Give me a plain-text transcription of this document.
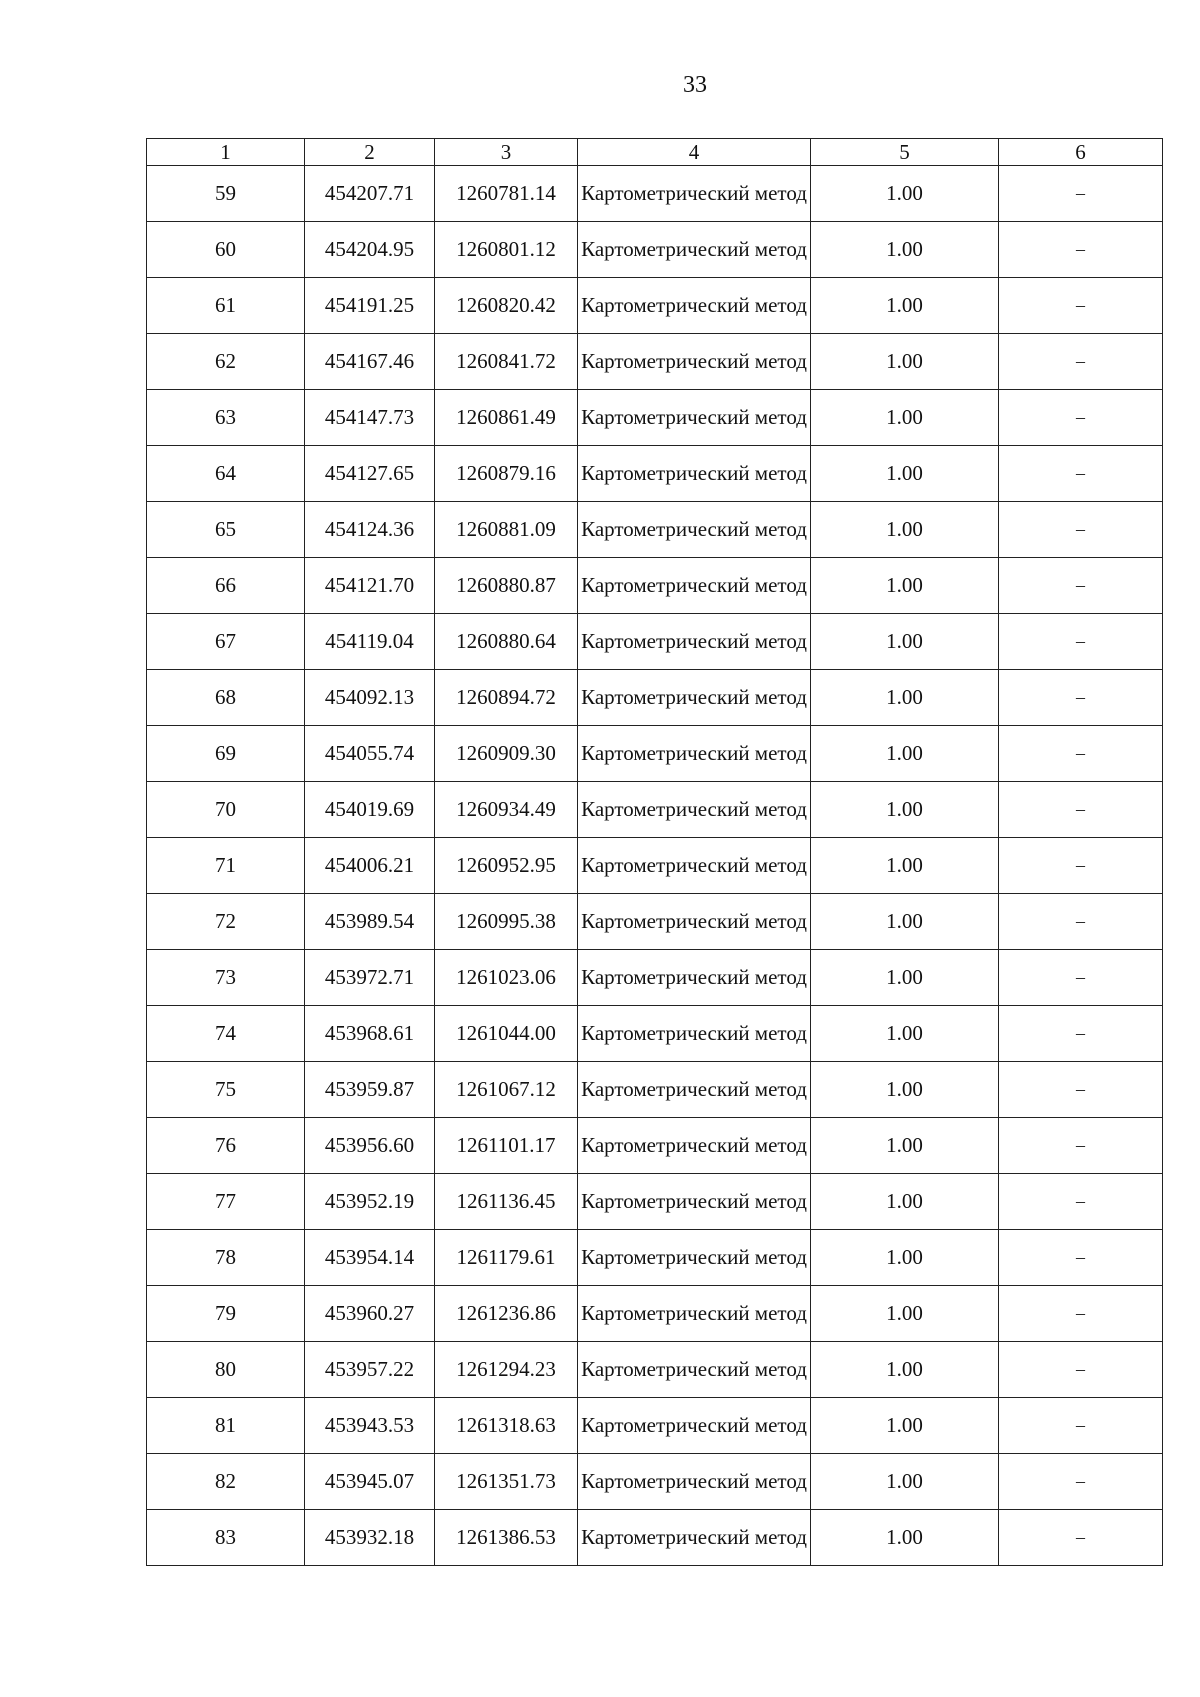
33
1	2	3	4	5	6
59	454207.71	1260781.14	Картометрический метод	1.00	–
60	454204.95	1260801.12	Картометрический метод	1.00	–
61	454191.25	1260820.42	Картометрический метод	1.00	–
62	454167.46	1260841.72	Картометрический метод	1.00	–
63	454147.73	1260861.49	Картометрический метод	1.00	–
64	454127.65	1260879.16	Картометрический метод	1.00	–
65	454124.36	1260881.09	Картометрический метод	1.00	–
66	454121.70	1260880.87	Картометрический метод	1.00	–
67	454119.04	1260880.64	Картометрический метод	1.00	–
68	454092.13	1260894.72	Картометрический метод	1.00	–
69	454055.74	1260909.30	Картометрический метод	1.00	–
70	454019.69	1260934.49	Картометрический метод	1.00	–
71	454006.21	1260952.95	Картометрический метод	1.00	–
72	453989.54	1260995.38	Картометрический метод	1.00	–
73	453972.71	1261023.06	Картометрический метод	1.00	–
74	453968.61	1261044.00	Картометрический метод	1.00	–
75	453959.87	1261067.12	Картометрический метод	1.00	–
76	453956.60	1261101.17	Картометрический метод	1.00	–
77	453952.19	1261136.45	Картометрический метод	1.00	–
78	453954.14	1261179.61	Картометрический метод	1.00	–
79	453960.27	1261236.86	Картометрический метод	1.00	–
80	453957.22	1261294.23	Картометрический метод	1.00	–
81	453943.53	1261318.63	Картометрический метод	1.00	–
82	453945.07	1261351.73	Картометрический метод	1.00	–
83	453932.18	1261386.53	Картометрический метод	1.00	–
